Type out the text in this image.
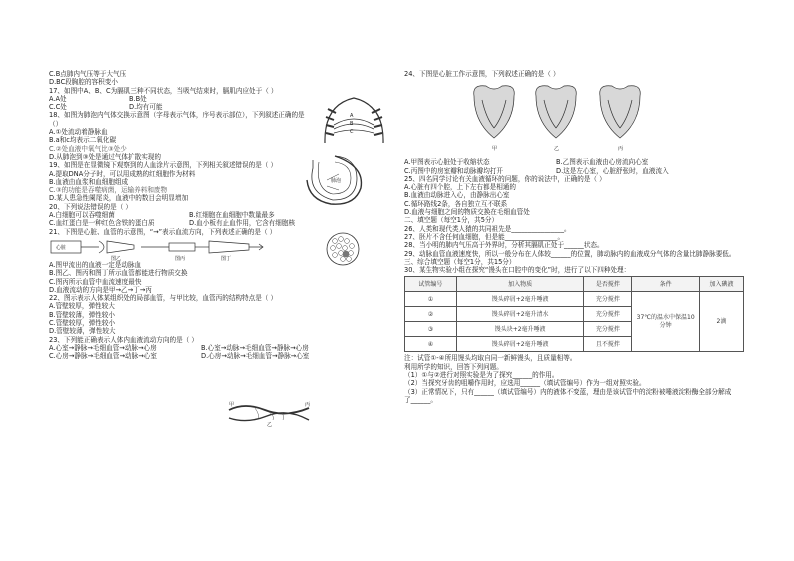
C.B点肺内气压等于大气压
D.BC段胸腔的容积变小
17、如图中A、B、C为膈肌三种不同状态，当吸气结束时，膈肌内应处于（ ）
A.A处	B.B处
C.C处	D.均有可能
18、如图为肺泡内气体交换示意图（字母表示气体，序号表示部位），下列叙述正确的是（）
A.①处流动着静脉血
B.a和c均表示二氧化碳
C.②处血液中氧气比③处少
D.从肺泡到③处是通过气体扩散实现的
19、如图是在显微镜下观察到的人血涂片示意图，下列相关叙述错误的是（ ）
A.提取DNA分子时，可以用成熟的红细胞作为材料
B.血液由血浆和血细胞组成
C.③的功能是吞噬病菌，运输养料和废物
D.某人患急性阑尾炎，血液中的数目会明显增加
20、下列说法错误的是（ ）
A.白细胞可以吞噬细菌	B.红细胞在血细胞中数量最多
C.血红蛋白是一种红色含铁的蛋白质	D.血小板有止血作用，它含有细胞核
21、下图是心脏、血管的示意图，“→”表示血流方向，下列表述正确的是（ ）
心脏
图乙	图丙	图丁
A.图甲流出的血液一定是动脉血
B.图乙、图丙和图丁所示血管都能进行物质交换
C.图丙所示血管中血流速度最快
D.血液流动的方向是甲→乙→丁→丙
22、图示表示人体某组织处的局部血管，与甲比较，血管丙的结构特点是（ ）
A.管壁较厚，弹性较大
B.管壁较薄，弹性较小
C.管壁较厚，弹性较小
D.管壁较薄，弹性较大
23、下列能正确表示人体内血液流动方向的是（ ）
A.心室→静脉→毛细血管→动脉→心房	B.心室→动脉→毛细血管→静脉→心房
C.心房→静脉→毛细血管→动脉→心室	D.心房→动脉→毛细血管→静脉→心室
A
B
C
肺泡
甲
乙
丙
24、下图是心脏工作示意图，下列叙述正确的是（ ）
甲	乙	丙
A.甲图表示心脏处于收缩状态	B.乙图表示血液由心房流向心室
C.丙图中的房室瓣和动脉瓣均打开	D.这是左心室，心脏舒张时，血液流入
25、四名同学讨论有关血液循环的问题，你的说法中，正确的是（ ）
A.心脏有四个腔，上下左右都是相通的
B.血液由动脉进入心，由静脉出心室
C.循环路线2条，各自独立互不联系
D.血液与细胞之间的物质交换在毛细血管处
二、填空题（每空1分，共5分）
26、人类和现代类人猿的共同祖先是________________。
27、胚片不含任何血细胞，但是能________________。
28、当小明的肺内气压高于外界时，分析其膈肌正处于______状态。
29、动脉血管血液速度快，所以一般分布在人体较______的位置，肺动脉内的血液成分气体的含量比肺静脉要低。
三、综合填空题（每空1分，共15分）
30、某生物实验小组在探究“馒头在口腔中的变化”时，进行了以下四种处理：
试管编号	加入物质	是否搅拌	条件	加入碘液
①	馒头碎屑+2毫升唾液	充分搅拌	37℃的温水中保温10分钟	2滴
②	馒头碎屑+2毫升清水	充分搅拌		
③	馒头块+2毫升唾液	充分搅拌		
④	馒头碎屑+2毫升唾液	且不搅拌		
注：试管①-④所用馒头均取自同一新鲜馒头，且质量相等。
利用所学的知识，回答下列问题。
（1）①与②进行对照实验是为了探究______的作用。
（2）当探究牙齿的咀嚼作用时，应选用______（填试管编号）作为一组对照实验。
（3）正常情况下，只有______（填试管编号）内的液体不变蓝，理由是该试管中的淀粉被唾液淀粉酶全部分解成了______。
